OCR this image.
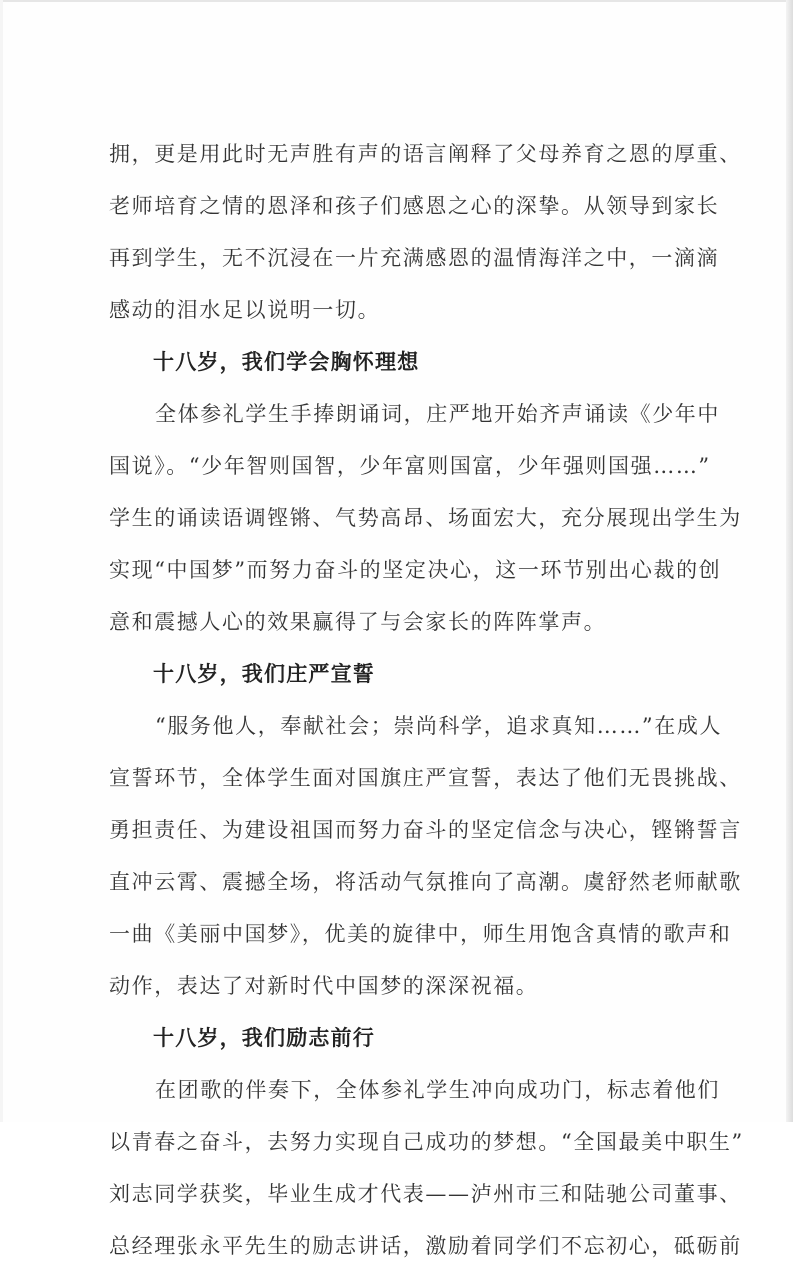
拥，更是用此时无声胜有声的语言阐释了父母养育之恩的厚重、
老师培育之情的恩泽和孩子们感恩之心的深挚。从领导到家长
再到学生，无不沉浸在一片充满感恩的温情海洋之中，一滴滴
感动的泪水足以说明一切。
十八岁，我们学会胸怀理想
全体参礼学生手捧朗诵词，庄严地开始齐声诵读《少年中
国说》。“少年智则国智，少年富则国富，少年强则国强……”
学生的诵读语调铿锵、气势高昂、场面宏大，充分展现出学生为
实现“中国梦”而努力奋斗的坚定决心，这一环节别出心裁的创
意和震撼人心的效果赢得了与会家长的阵阵掌声。
十八岁，我们庄严宣誓
“服务他人，奉献社会；崇尚科学，追求真知……”在成人
宣誓环节，全体学生面对国旗庄严宣誓，表达了他们无畏挑战、
勇担责任、为建设祖国而努力奋斗的坚定信念与决心，铿锵誓言
直冲云霄、震撼全场，将活动气氛推向了高潮。虞舒然老师献歌
一曲《美丽中国梦》，优美的旋律中，师生用饱含真情的歌声和
动作，表达了对新时代中国梦的深深祝福。
十八岁，我们励志前行
在团歌的伴奏下，全体参礼学生冲向成功门，标志着他们
以青春之奋斗，去努力实现自己成功的梦想。“全国最美中职生”
刘志同学获奖，毕业生成才代表——泸州市三和陆驰公司董事、
总经理张永平先生的励志讲话，激励着同学们不忘初心，砥砺前
